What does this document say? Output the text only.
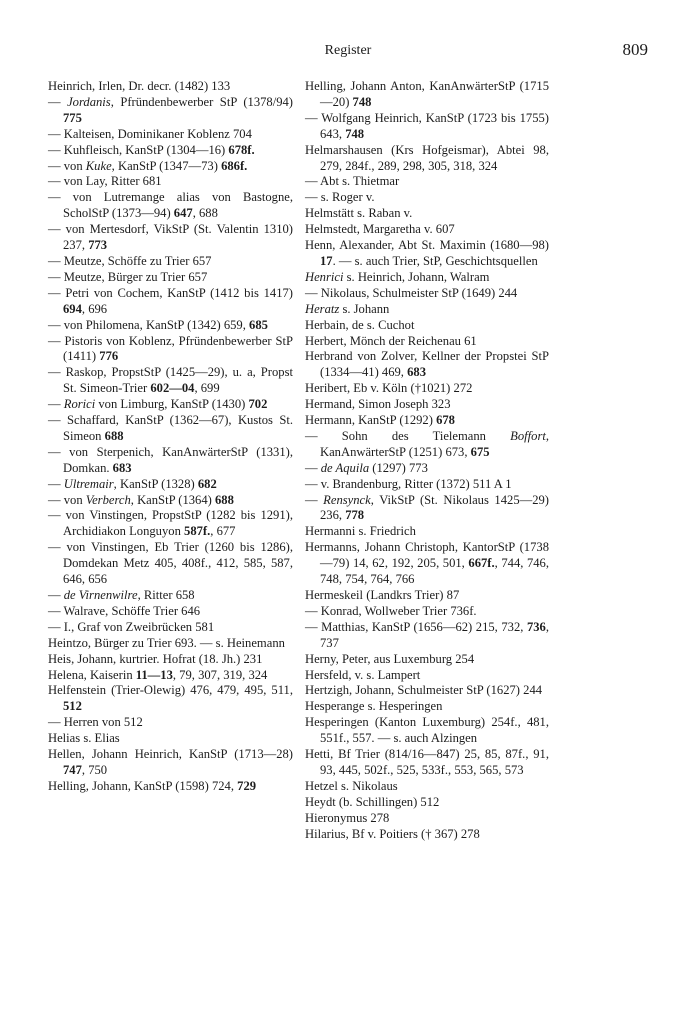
Register	809
Heinrich, Irlen, Dr. decr. (1482) 133
— Jordanis, Pfründenbewerber StP (1378/94) 775
— Kalteisen, Dominikaner Koblenz 704
— Kuhfleisch, KanStP (1304—16) 678f.
— von Kuke, KanStP (1347—73) 686f.
— von Lay, Ritter 681
— von Lutremange alias von Bastogne, ScholStP (1373—94) 647, 688
— von Mertesdorf, VikStP (St. Valentin 1310) 237, 773
— Meutze, Schöffe zu Trier 657
— Meutze, Bürger zu Trier 657
— Petri von Cochem, KanStP (1412 bis 1417) 694, 696
— von Philomena, KanStP (1342) 659, 685
— Pistoris von Koblenz, Pfründenbewerber StP (1411) 776
— Raskop, PropstStP (1425—29), u. a, Propst St. Simeon-Trier 602—04, 699
— Rorici von Limburg, KanStP (1430) 702
— Schaffard, KanStP (1362—67), Kustos St. Simeon 688
— von Sterpenich, KanAnwärterStP (1331), Domkan. 683
— Ultremair, KanStP (1328) 682
— von Verberch, KanStP (1364) 688
— von Vinstingen, PropstStP (1282 bis 1291), Archidiakon Longuyon 587f., 677
— von Vinstingen, Eb Trier (1260 bis 1286), Domdekan Metz 405, 408f., 412, 585, 587, 646, 656
— de Virnenwilre, Ritter 658
— Walrave, Schöffe Trier 646
— I., Graf von Zweibrücken 581
Heintzo, Bürger zu Trier 693. — s. Heinemann
Heis, Johann, kurtrier. Hofrat (18. Jh.) 231
Helena, Kaiserin 11—13, 79, 307, 319, 324
Helfenstein (Trier-Olewig) 476, 479, 495, 511, 512
— Herren von 512
Helias s. Elias
Hellen, Johann Heinrich, KanStP (1713—28) 747, 750
Helling, Johann, KanStP (1598) 724, 729
Helling, Johann Anton, KanAnwärterStP (1715—20) 748
— Wolfgang Heinrich, KanStP (1723 bis 1755) 643, 748
Helmarshausen (Krs Hofgeismar), Abtei 98, 279, 284f., 289, 298, 305, 318, 324
— Abt s. Thietmar
— s. Roger v.
Helmstätt s. Raban v.
Helmstedt, Margaretha v. 607
Henn, Alexander, Abt St. Maximin (1680—98) 17. — s. auch Trier, StP, Geschichtsquellen
Henrici s. Heinrich, Johann, Walram
— Nikolaus, Schulmeister StP (1649) 244
Heratz s. Johann
Herbain, de s. Cuchot
Herbert, Mönch der Reichenau 61
Herbrand von Zolver, Kellner der Propstei StP (1334—41) 469, 683
Heribert, Eb v. Köln (†1021) 272
Hermand, Simon Joseph 323
Hermann, KanStP (1292) 678
— Sohn des Tielemann Boffort, KanAnwärterStP (1251) 673, 675
— de Aquila (1297) 773
— v. Brandenburg, Ritter (1372) 511 A 1
— Rensynck, VikStP (St. Nikolaus 1425—29) 236, 778
Hermanni s. Friedrich
Hermanns, Johann Christoph, KantorStP (1738—79) 14, 62, 192, 205, 501, 667f., 744, 746, 748, 754, 764, 766
Hermeskeil (Landkrs Trier) 87
— Konrad, Wollweber Trier 736f.
— Matthias, KanStP (1656—62) 215, 732, 736, 737
Herny, Peter, aus Luxemburg 254
Hersfeld, v. s. Lampert
Hertzigh, Johann, Schulmeister StP (1627) 244
Hesperange s. Hesperingen
Hesperingen (Kanton Luxemburg) 254f., 481, 551f., 557. — s. auch Alzingen
Hetti, Bf Trier (814/16—847) 25, 85, 87f., 91, 93, 445, 502f., 525, 533f., 553, 565, 573
Hetzel s. Nikolaus
Heydt (b. Schillingen) 512
Hieronymus 278
Hilarius, Bf v. Poitiers († 367) 278
